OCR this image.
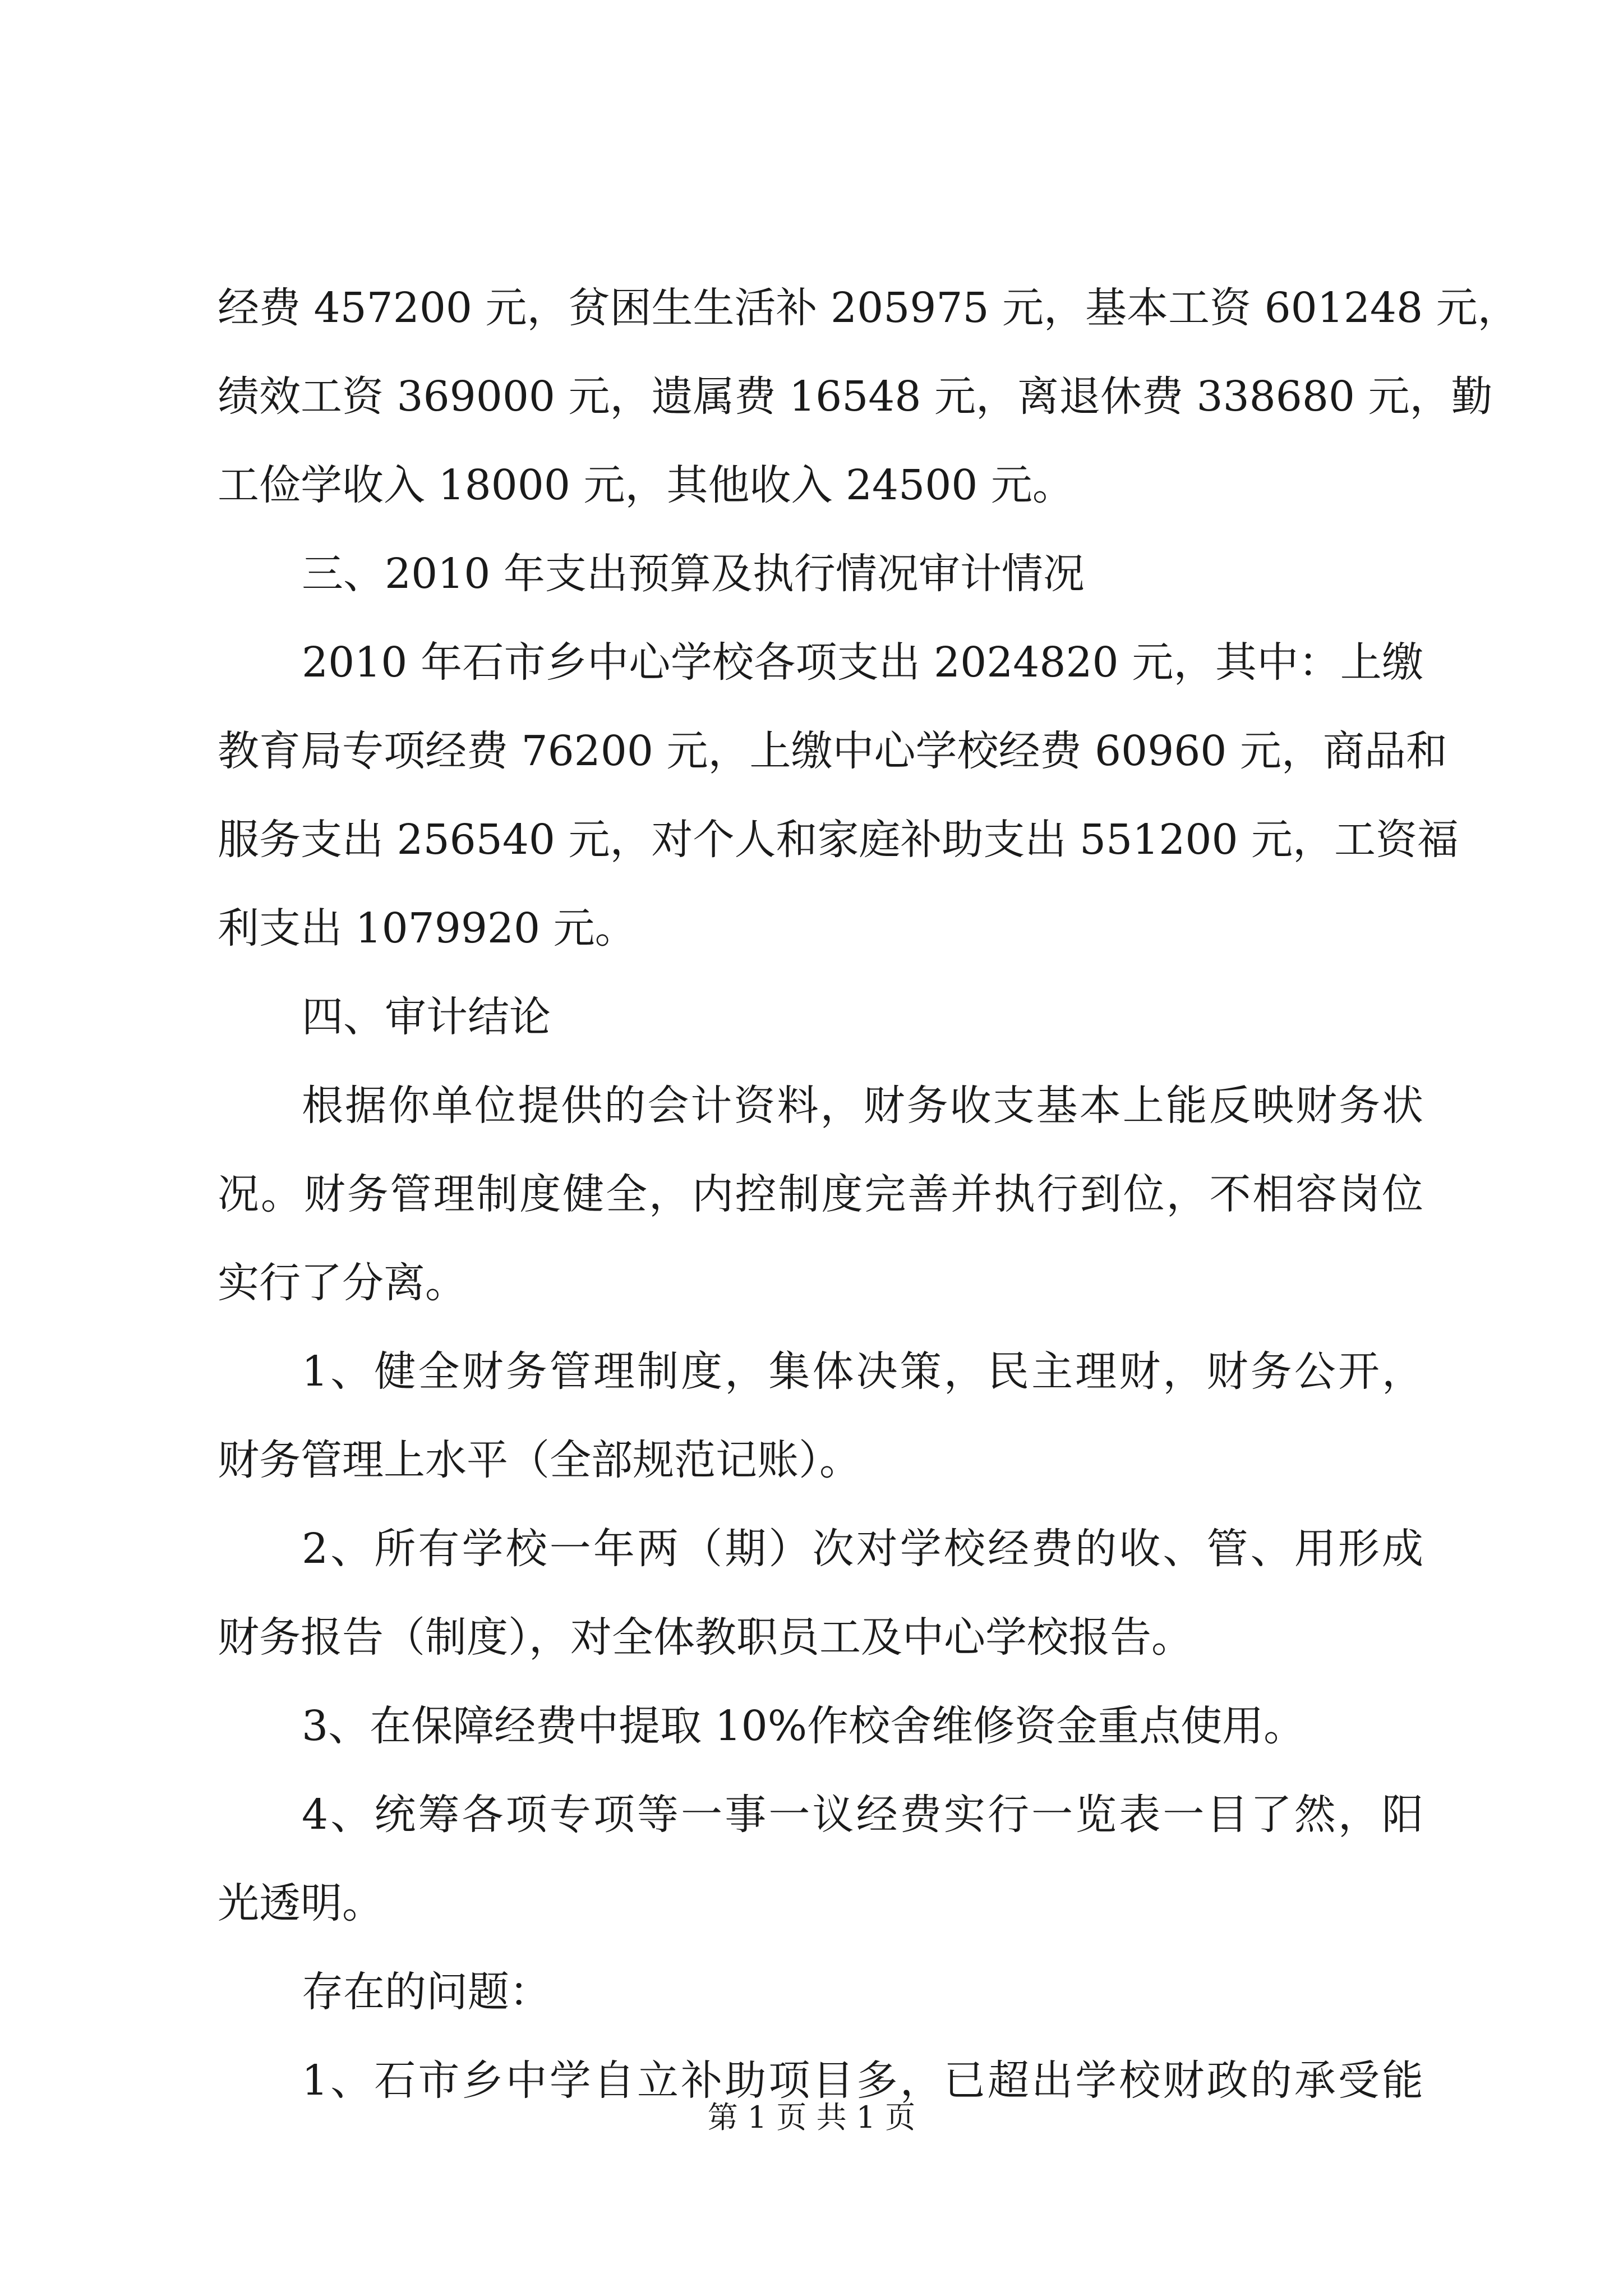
经费 457200 元，贫困生生活补 205975 元，基本工资 601248 元，
绩效工资 369000 元，遗属费 16548 元，离退休费 338680 元，勤
工俭学收入 18000 元，其他收入 24500 元。
三、2010 年支出预算及执行情况审计情况
2010 年石市乡中心学校各项支出 2024820 元，其中：上缴
教育局专项经费 76200 元，上缴中心学校经费 60960 元，商品和
服务支出 256540 元，对个人和家庭补助支出 551200 元，工资福
利支出 1079920 元。
四、审计结论
根据你单位提供的会计资料，财务收支基本上能反映财务状
况。财务管理制度健全，内控制度完善并执行到位，不相容岗位
实行了分离。
1、健全财务管理制度，集体决策，民主理财，财务公开，
财务管理上水平（全部规范记账）。
2、所有学校一年两（期）次对学校经费的收、管、用形成
财务报告（制度），对全体教职员工及中心学校报告。
3、在保障经费中提取 10%作校舍维修资金重点使用。
4、统筹各项专项等一事一议经费实行一览表一目了然，阳
光透明。
存在的问题：
1、石市乡中学自立补助项目多，已超出学校财政的承受能
第 1 页 共 1 页
